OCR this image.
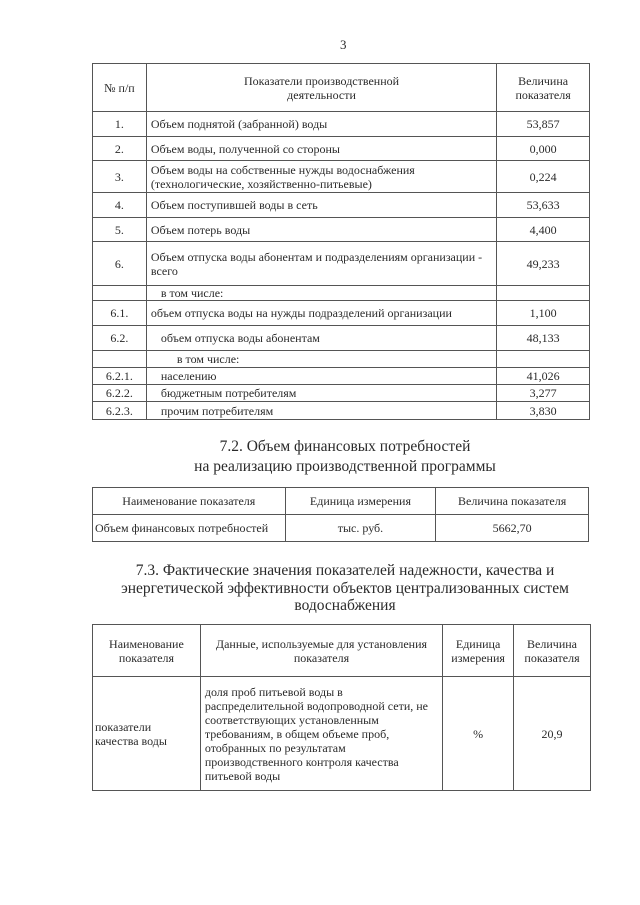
3
№ п/п	Показатели производственной деятельности	Величина показателя
1.	Объем поднятой (забранной) воды	53,857
2.	Объем воды, полученной со стороны	0,000
3.	Объем воды на собственные нужды водоснабжения (технологические, хозяйственно-питьевые)	0,224
4.	Объем поступившей воды в сеть	53,633
5.	Объем потерь воды	4,400
6.	Объем отпуска воды абонентам и подразделениям организации - всего	49,233
	в том числе:	
6.1.	объем отпуска воды на нужды подразделений организации	1,100
6.2.	объем отпуска воды абонентам	48,133
	в том числе:	
6.2.1.	населению	41,026
6.2.2.	бюджетным потребителям	3,277
6.2.3.	прочим потребителям	3,830
7.2. Объем финансовых потребностей
на реализацию производственной программы
Наименование показателя	Единица измерения	Величина показателя
Объем финансовых потребностей	тыс. руб.	5662,70
7.3. Фактические значения показателей надежности, качества и
энергетической эффективности объектов централизованных систем
водоснабжения
Наименование показателя	Данные, используемые для установления показателя	Единица измерения	Величина показателя
показатели качества воды	доля проб питьевой воды в распределительной водопроводной сети, не соответствующих установленным требованиям, в общем объеме проб, отобранных по результатам производственного контроля качества питьевой воды	%	20,9
